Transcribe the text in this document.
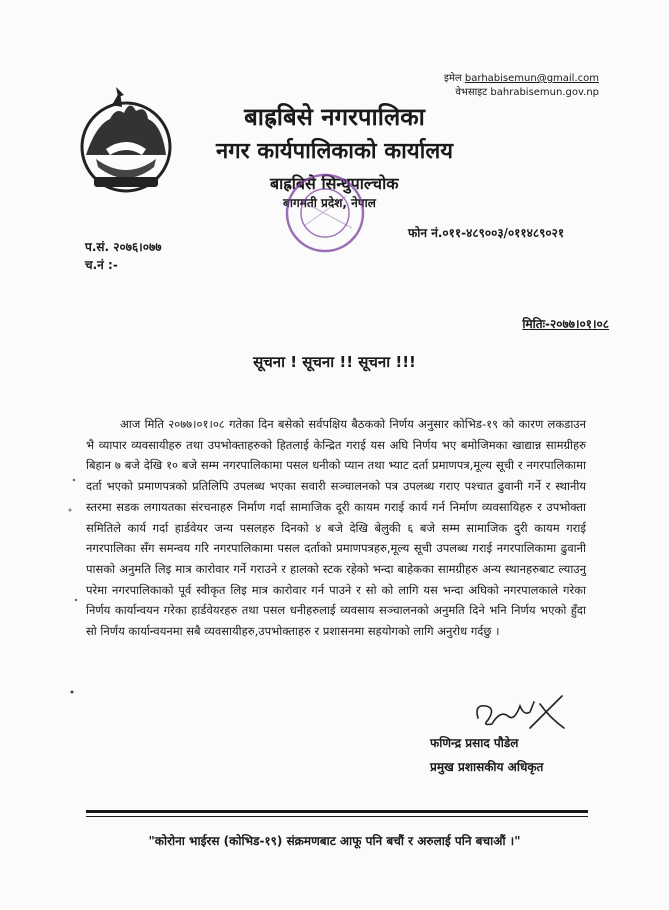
इमेल barhabisemun@gmail.com
वेभसाइट bahrabisemun.gov.np
बाह्रबिसे नगरपालिका
नगर कार्यपालिकाको कार्यालय
बाह्रबिसे सिन्धुपाल्चोक
बागमती प्रदेश, नेपाल
फोन नं.०११-४८९००३/०११४८९०२१
प.सं. २०७६।०७७
च.नं :-
मितिः-२०७७।०१।०८
सूचना ! सूचना !! सूचना !!!
आज मिति २०७७।०१।०८ गतेका दिन बसेको सर्वपक्षिय बैठकको निर्णय अनुसार कोभिड-१९ को कारण लकडाउन भै व्यापार व्यवसायीहरु तथा उपभोक्ताहरुको हितलाई केन्द्रित गराई यस अघि निर्णय भए बमोजिमका खाद्यान्न सामग्रीहरु बिहान ७ बजे देखि १० बजे सम्म नगरपालिकामा पसल धनीको प्यान तथा भ्याट दर्ता प्रमाणपत्र,मूल्य सूची र नगरपालिकामा दर्ता भएको प्रमाणपत्रको प्रतिलिपि उपलब्ध भएका सवारी सञ्चालनको पत्र उपलब्ध गराए पश्चात ढुवानी गर्ने र स्थानीय स्तरमा सडक लगायतका संरचनाहरु निर्माण गर्दा सामाजिक दूरी कायम गराई कार्य गर्न निर्माण व्यवसायिहरु र उपभोक्ता समितिले कार्य गर्दा हार्डवेयर जन्य पसलहरु दिनको ४ बजे देखि बेलुकी ६ बजे सम्म सामाजिक दुरी कायम गराई नगरपालिका सँग समन्वय गरि नगरपालिकामा पसल दर्ताको प्रमाणपत्रहरु,मूल्य सूची उपलब्ध गराई नगरपालिकामा ढुवानी पासको अनुमति लिइ मात्र कारोवार गर्ने गराउने र हालको स्टक रहेको भन्दा बाहेकका सामग्रीहरु अन्य स्थानहरुबाट ल्याउनु परेमा नगरपालिकाको पूर्व स्वीकृत लिइ मात्र कारोवार गर्न पाउने र सो को लागि यस भन्दा अघिको नगरपालकाले गरेका निर्णय कार्यान्वयन गरेका हार्डवेयरहरु तथा पसल धनीहरुलाई व्यवसाय सञ्चालनको अनुमति दिने भनि निर्णय भएको हुँदा सो निर्णय कार्यान्वयनमा सबै व्यवसायीहरु,उपभोक्ताहरु र प्रशासनमा सहयोगको लागि अनुरोध गर्दछु ।
फणिन्द्र प्रसाद पौडेल
प्रमुख प्रशासकीय अधिकृत
"कोरोना भाईरस (कोभिड-१९) संक्रमणबाट आफू पनि बचौं र अरुलाई पनि बचाऔं ।"
